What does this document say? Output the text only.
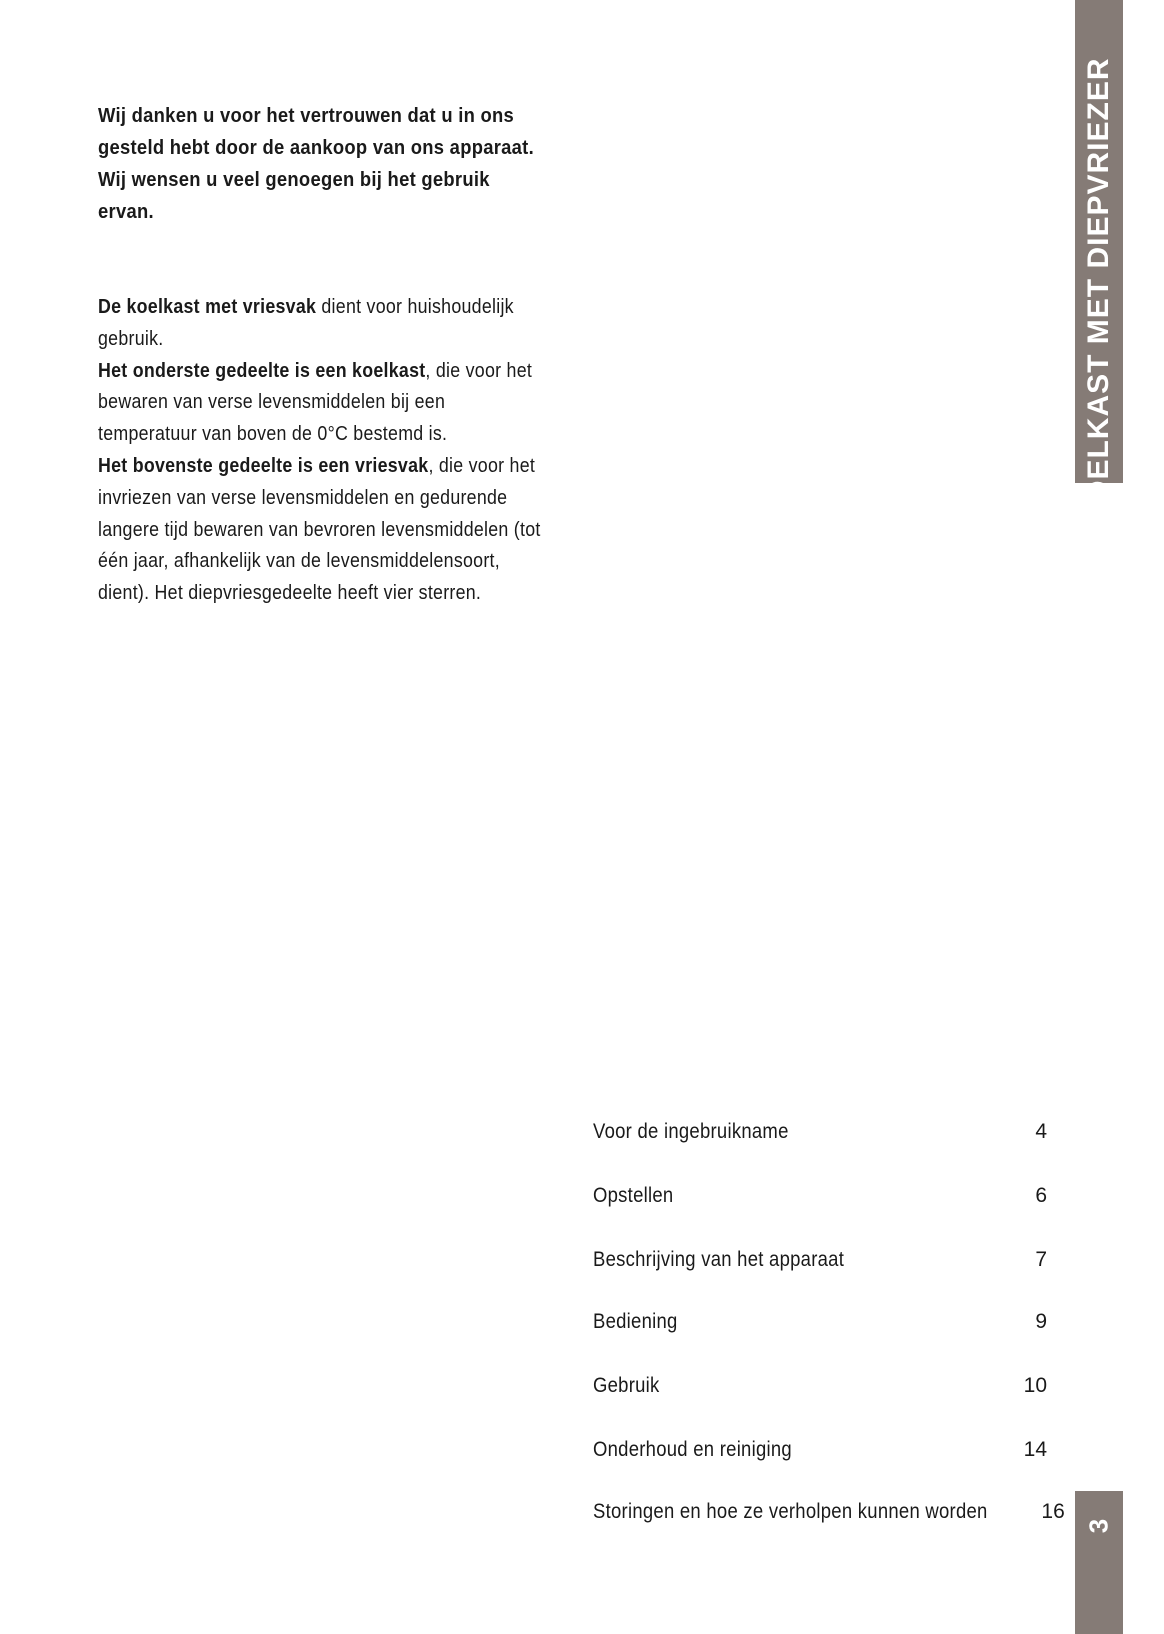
Wij danken u voor het vertrouwen dat u in ons gesteld hebt door de aankoop van ons apparaat. Wij wensen u veel genoegen bij het gebruik ervan.

De koelkast met vriesvak dient voor huishoudelijk gebruik.

Het onderste gedeelte is een koelkast, die voor het bewaren van verse levensmiddelen bij een temperatuur van boven de 0°C bestemd is.

Het bovenste gedeelte is een vriesvak, die voor het invriezen van verse levensmiddelen en gedurende langere tijd bewaren van bevroren levensmiddelen (tot één jaar, afhankelijk van de levensmiddelensoort, dient). Het diepvriesgedeelte heeft vier sterren.

KOELKAST MET DIEPVRIEZER
3
Voor de ingebruikname	4
Opstellen	6
Beschrijving van het apparaat	7
Bediening	9
Gebruik	10
Onderhoud en reiniging	14
Storingen en hoe ze verholpen kunnen worden	16
